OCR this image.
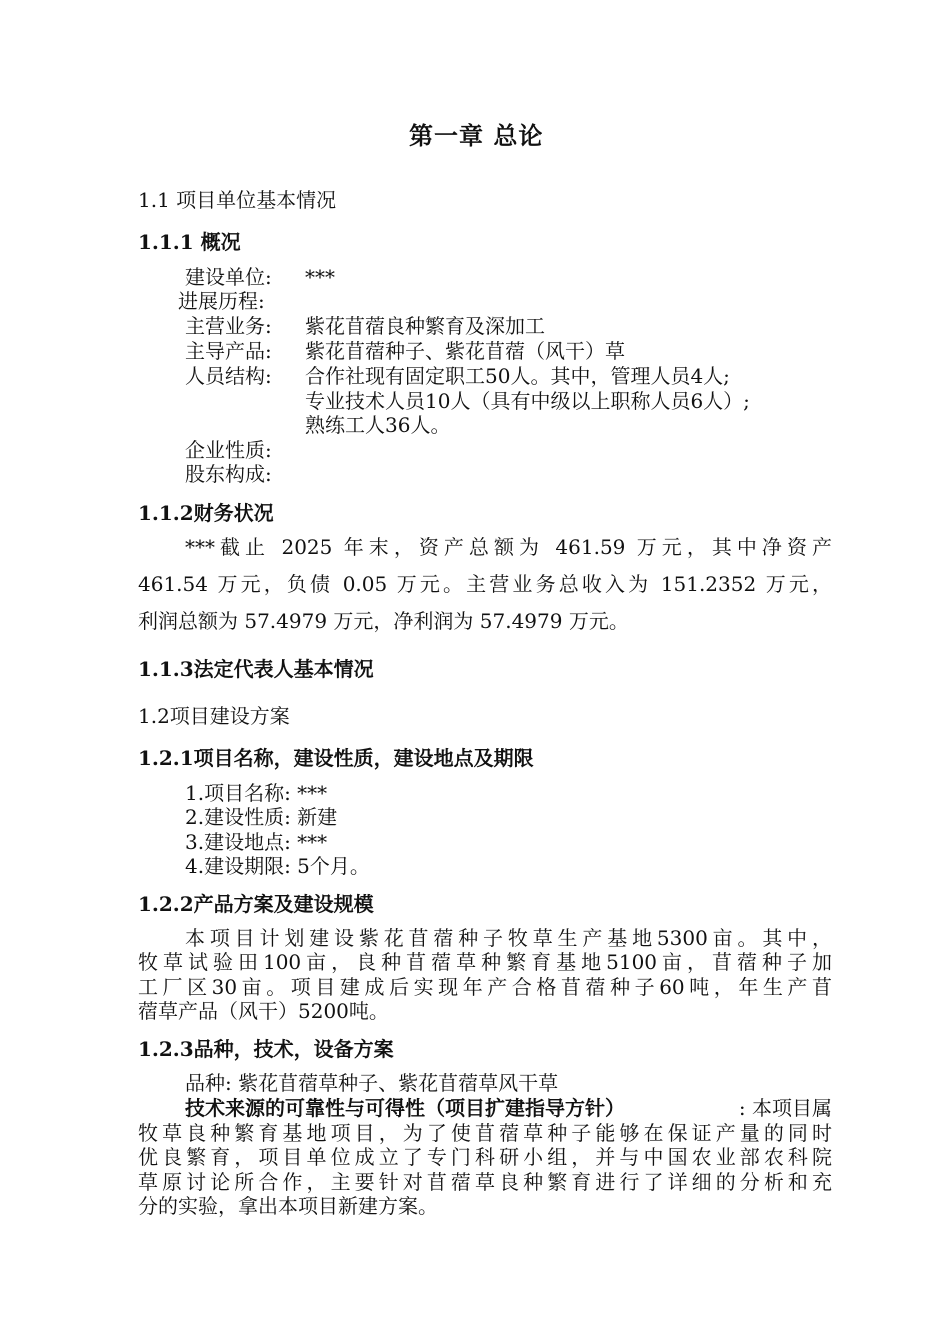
第一章 总论
1.1 项目单位基本情况
1.1.1 概况
建设单位: ***
进展历程:
主营业务: 紫花苜蓿良种繁育及深加工
主导产品: 紫花苜蓿种子、紫花苜蓿（风干）草
人员结构: 合作社现有固定职工50人。其中，管理人员4人;
专业技术人员10人（具有中级以上职称人员6人）;
熟练工人36人。
企业性质:
股东构成:
1.1.2财务状况
***截止 2025 年末，资产总额为 461.59 万元，其中净资产
461.54 万元，负债 0.05 万元。主营业务总收入为 151.2352 万元，
利润总额为 57.4979 万元，净利润为 57.4979 万元。
1.1.3法定代表人基本情况
1.2项目建设方案
1.2.1项目名称，建设性质，建设地点及期限
1.项目名称: ***
2.建设性质: 新建
3.建设地点: ***
4.建设期限: 5个月。
1.2.2产品方案及建设规模
本项目计划建设紫花苜蓿种子牧草生产基地5300亩。其中，
牧草试验田100亩，良种苜蓿草种繁育基地5100亩，苜蓿种子加
工厂区30亩。项目建成后实现年产合格苜蓿种子60吨，年生产苜
蓿草产品（风干）5200吨。
1.2.3品种，技术，设备方案
品种: 紫花苜蓿草种子、紫花苜蓿草风干草
技术来源的可靠性与可得性（项目扩建指导方针）	: 本项目属
牧草良种繁育基地项目，为了使苜蓿草种子能够在保证产量的同时
优良繁育，项目单位成立了专门科研小组，并与中国农业部农科院
草原讨论所合作，主要针对苜蓿草良种繁育进行了详细的分析和充
分的实验，拿出本项目新建方案。
